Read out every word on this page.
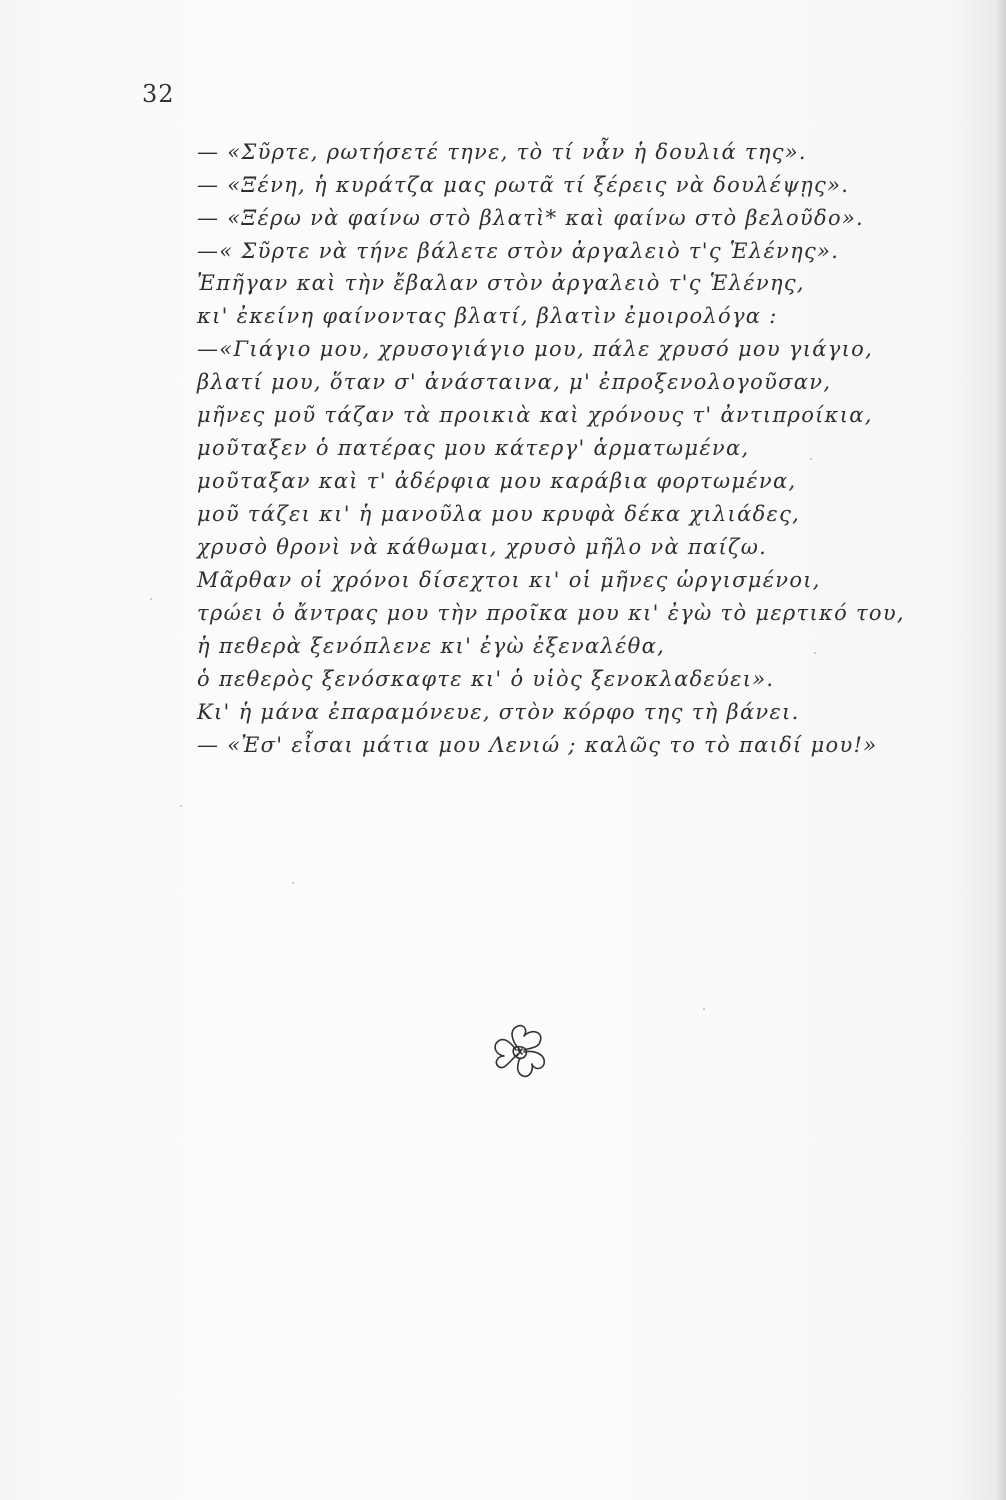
32
— «Σῦρτε, ρωτήσετέ τηνε, τὸ τί νἆν ἡ δουλιά της».
— «Ξένη, ἡ κυράτζα μας ρωτᾶ τί ξέρεις νὰ δουλέψῃς».
— «Ξέρω νὰ φαίνω στὸ βλατὶ* καὶ φαίνω στὸ βελοῦδο».
—« Σῦρτε νὰ τήνε βάλετε στὸν ἀργαλειὸ τ'ς Ἑλένης».
Ἐπῆγαν καὶ τὴν ἔβαλαν στὸν ἀργαλειὸ τ'ς Ἑλένης,
κι' ἐκείνη φαίνοντας βλατί, βλατὶν ἐμοιρολόγα :
—«Γιάγιο μου, χρυσογιάγιο μου, πάλε χρυσό μου γιάγιο,
βλατί μου, ὅταν σ' ἀνάσταινα, μ' ἐπροξενολογοῦσαν,
μῆνες μοῦ τάζαν τὰ προικιὰ καὶ χρόνους τ' ἀντιπροίκια,
μοῦταξεν ὁ πατέρας μου κάτεργ' ἁρματωμένα,
μοῦταξαν καὶ τ' ἀδέρφια μου καράβια φορτωμένα,
μοῦ τάζει κι' ἡ μανοῦλα μου κρυφὰ δέκα χιλιάδες,
χρυσὸ θρονὶ νὰ κάθωμαι, χρυσὸ μῆλο νὰ παίζω.
Μᾶρθαν οἱ χρόνοι δίσεχτοι κι' οἱ μῆνες ὡργισμένοι,
τρώει ὁ ἄντρας μου τὴν προῖκα μου κι' ἐγὼ τὸ μερτικό του,
ἡ πεθερὰ ξενόπλενε κι' ἐγὼ ἐξεναλέθα,
ὁ πεθερὸς ξενόσκαφτε κι' ὁ υἱὸς ξενοκλαδεύει».
Κι' ἡ μάνα ἐπαραμόνευε, στὸν κόρφο της τὴ βάνει.
— «Ἐσ' εἶσαι μάτια μου Λενιώ ; καλῶς το τὸ παιδί μου!»
